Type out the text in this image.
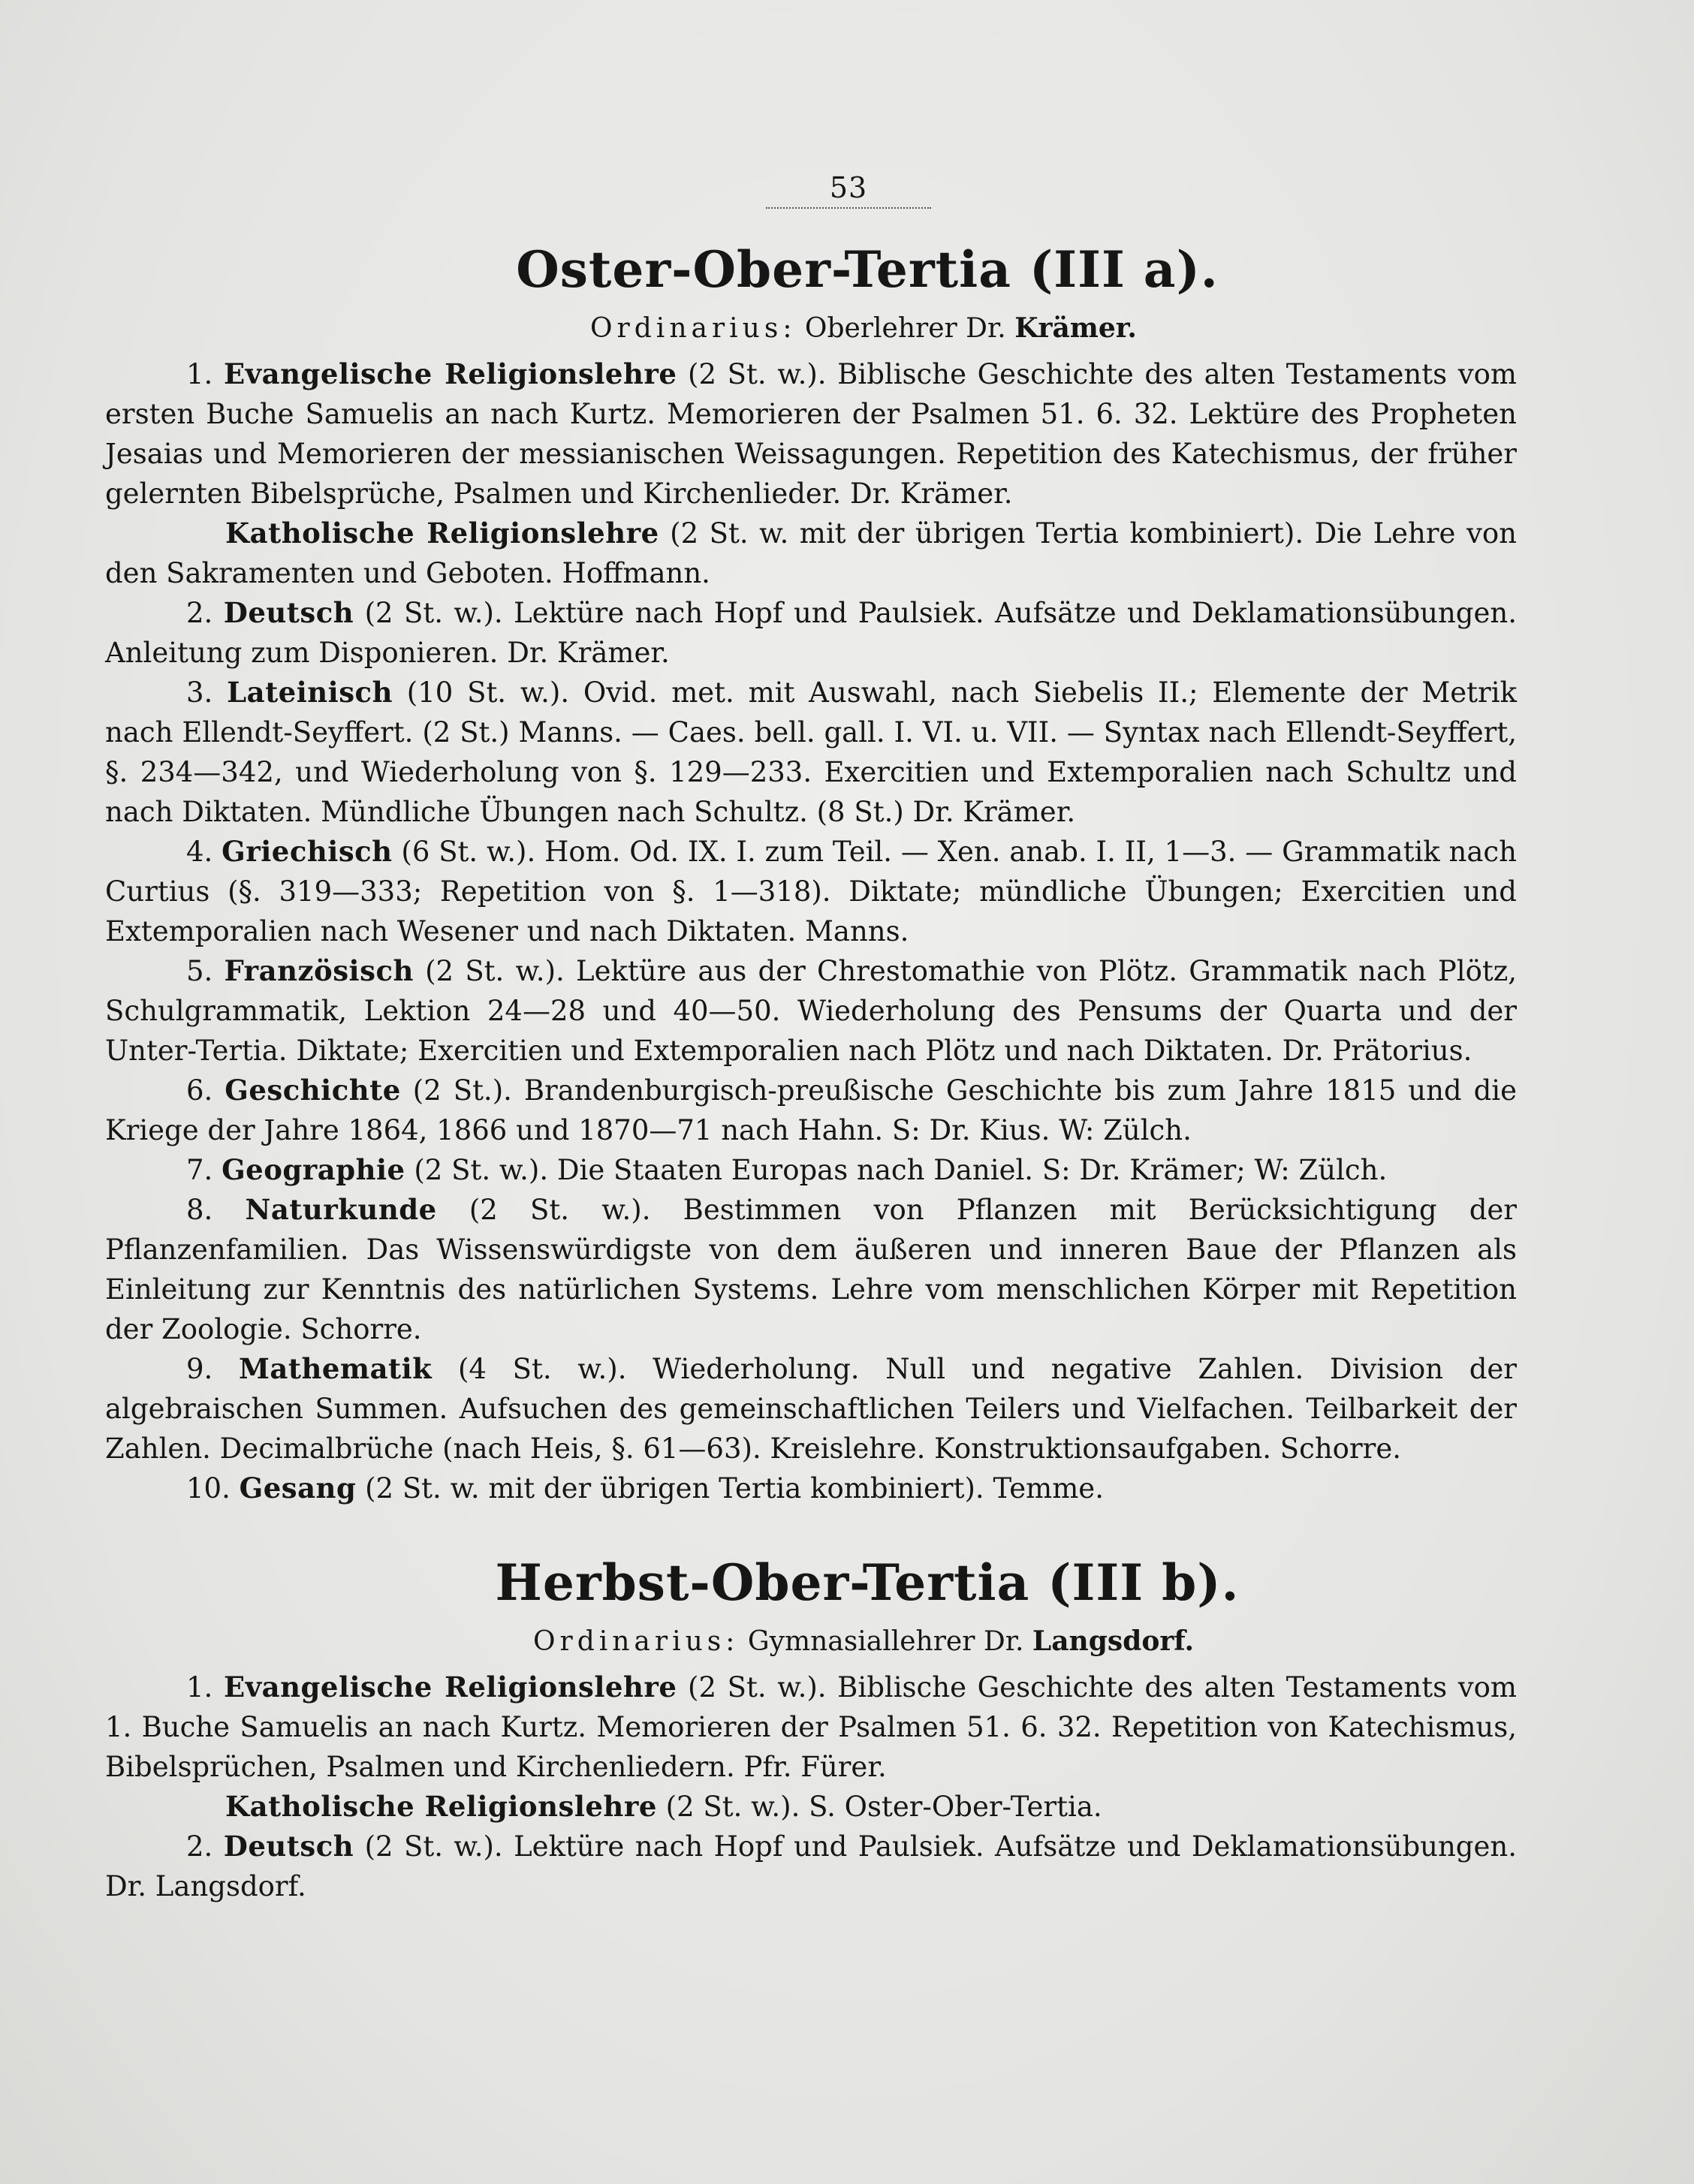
53
Oster-Ober-Tertia (III a).
Ordinarius: Oberlehrer Dr. Krämer.

1. Evangelische Religionslehre (2 St. w.). Biblische Geschichte des alten Testaments vom ersten Buche Samuelis an nach Kurtz. Memorieren der Psalmen 51. 6. 32. Lektüre des Propheten Jesaias und Memorieren der messianischen Weissagungen. Repetition des Katechismus, der früher gelernten Bibelsprüche, Psalmen und Kirchenlieder. Dr. Krämer.

Katholische Religionslehre (2 St. w. mit der übrigen Tertia kombiniert). Die Lehre von den Sakramenten und Geboten. Hoffmann.

2. Deutsch (2 St. w.). Lektüre nach Hopf und Paulsiek. Aufsätze und Deklamationsübungen. Anleitung zum Disponieren. Dr. Krämer.

3. Lateinisch (10 St. w.). Ovid. met. mit Auswahl, nach Siebelis II.; Elemente der Metrik nach Ellendt-Seyffert. (2 St.) Manns. — Caes. bell. gall. I. VI. u. VII. — Syntax nach Ellendt-Seyffert, §. 234—342, und Wiederholung von §. 129—233. Exercitien und Extemporalien nach Schultz und nach Diktaten. Mündliche Übungen nach Schultz. (8 St.) Dr. Krämer.

4. Griechisch (6 St. w.). Hom. Od. IX. I. zum Teil. — Xen. anab. I. II, 1—3. — Grammatik nach Curtius (§. 319—333; Repetition von §. 1—318). Diktate; mündliche Übungen; Exercitien und Extemporalien nach Wesener und nach Diktaten. Manns.

5. Französisch (2 St. w.). Lektüre aus der Chrestomathie von Plötz. Grammatik nach Plötz, Schulgrammatik, Lektion 24—28 und 40—50. Wiederholung des Pensums der Quarta und der Unter-Tertia. Diktate; Exercitien und Extemporalien nach Plötz und nach Diktaten. Dr. Prätorius.

6. Geschichte (2 St.). Brandenburgisch-preußische Geschichte bis zum Jahre 1815 und die Kriege der Jahre 1864, 1866 und 1870—71 nach Hahn. S: Dr. Kius. W: Zülch.

7. Geographie (2 St. w.). Die Staaten Europas nach Daniel. S: Dr. Krämer; W: Zülch.

8. Naturkunde (2 St. w.). Bestimmen von Pflanzen mit Berücksichtigung der Pflanzenfamilien. Das Wissenswürdigste von dem äußeren und inneren Baue der Pflanzen als Einleitung zur Kenntnis des natürlichen Systems. Lehre vom menschlichen Körper mit Repetition der Zoologie. Schorre.

9. Mathematik (4 St. w.). Wiederholung. Null und negative Zahlen. Division der algebraischen Summen. Aufsuchen des gemeinschaftlichen Teilers und Vielfachen. Teilbarkeit der Zahlen. Decimalbrüche (nach Heis, §. 61—63). Kreislehre. Konstruktionsaufgaben. Schorre.

10. Gesang (2 St. w. mit der übrigen Tertia kombiniert). Temme.

Herbst-Ober-Tertia (III b).
Ordinarius: Gymnasiallehrer Dr. Langsdorf.

1. Evangelische Religionslehre (2 St. w.). Biblische Geschichte des alten Testaments vom 1. Buche Samuelis an nach Kurtz. Memorieren der Psalmen 51. 6. 32. Repetition von Katechismus, Bibelsprüchen, Psalmen und Kirchenliedern. Pfr. Fürer.

Katholische Religionslehre (2 St. w.). S. Oster-Ober-Tertia.

2. Deutsch (2 St. w.). Lektüre nach Hopf und Paulsiek. Aufsätze und Deklamationsübungen. Dr. Langsdorf.
